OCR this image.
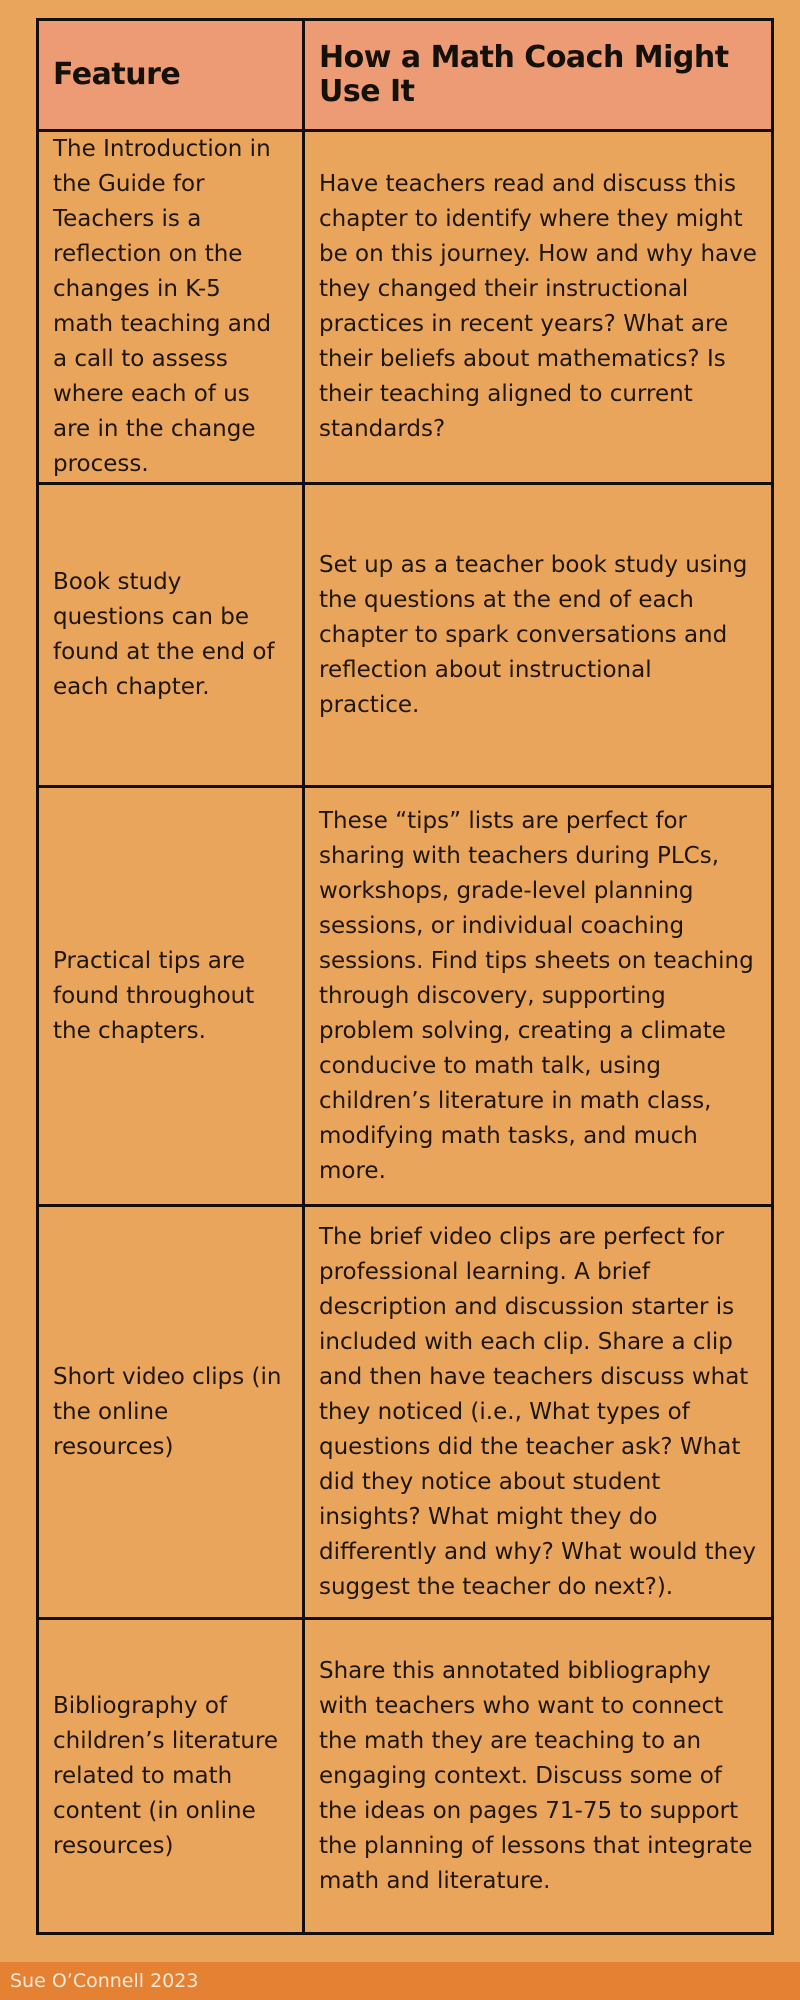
Feature	How a Math Coach Might Use It
The Introduction in the Guide for Teachers is a reflection on the changes in K-5 math teaching and a call to assess where each of us are in the change process.	Have teachers read and discuss this chapter to identify where they might be on this journey. How and why have they changed their instructional practices in recent years? What are their beliefs about mathematics? Is their teaching aligned to current standards?
Book study questions can be found at the end of each chapter.	Set up as a teacher book study using the questions at the end of each chapter to spark conversations and reflection about instructional practice.
Practical tips are found throughout the chapters.	These “tips” lists are perfect for sharing with teachers during PLCs, workshops, grade-level planning sessions, or individual coaching sessions. Find tips sheets on teaching through discovery, supporting problem solving, creating a climate conducive to math talk, using children’s literature in math class, modifying math tasks, and much more.
Short video clips (in the online resources)	The brief video clips are perfect for professional learning. A brief description and discussion starter is included with each clip. Share a clip and then have teachers discuss what they noticed (i.e., What types of questions did the teacher ask? What did they notice about student insights? What might they do differently and why? What would they suggest the teacher do next?).
Bibliography of children’s literature related to math content (in online resources)	Share this annotated bibliography with teachers who want to connect the math they are teaching to an engaging context. Discuss some of the ideas on pages 71-75 to support the planning of lessons that integrate math and literature.
Sue O’Connell 2023
